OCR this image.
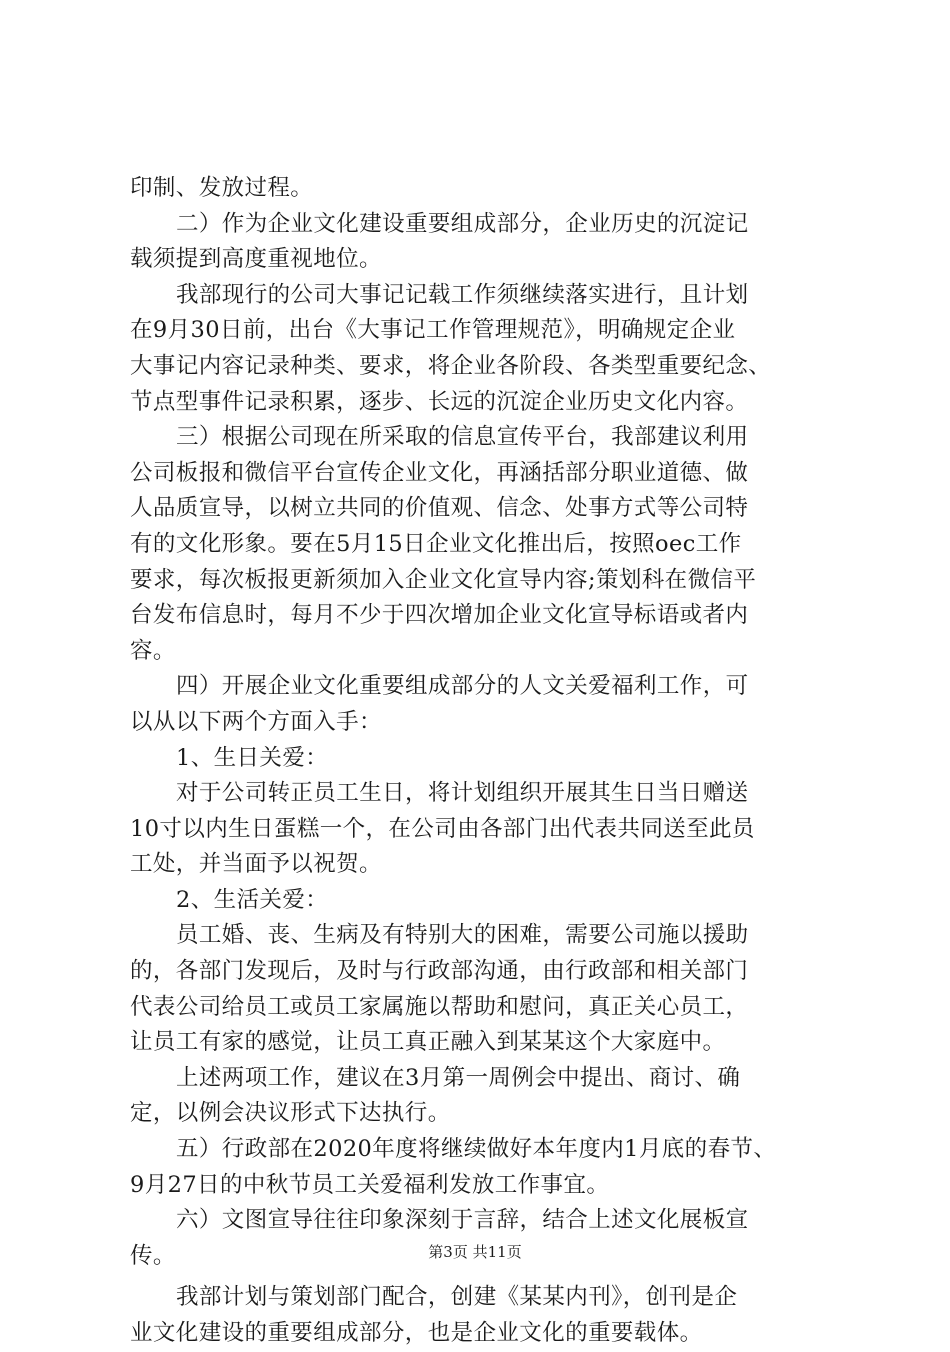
印制、发放过程。
二）作为企业文化建设重要组成部分，企业历史的沉淀记
载须提到高度重视地位。
我部现行的公司大事记记载工作须继续落实进行，且计划
在9月30日前，出台《大事记工作管理规范》，明确规定企业
大事记内容记录种类、要求，将企业各阶段、各类型重要纪念、
节点型事件记录积累，逐步、长远的沉淀企业历史文化内容。
三）根据公司现在所采取的信息宣传平台，我部建议利用
公司板报和微信平台宣传企业文化，再涵括部分职业道德、做
人品质宣导，以树立共同的价值观、信念、处事方式等公司特
有的文化形象。要在5月15日企业文化推出后，按照oec工作
要求，每次板报更新须加入企业文化宣导内容;策划科在微信平
台发布信息时，每月不少于四次增加企业文化宣导标语或者内
容。
四）开展企业文化重要组成部分的人文关爱福利工作，可
以从以下两个方面入手：
1、生日关爱：
对于公司转正员工生日，将计划组织开展其生日当日赠送
10寸以内生日蛋糕一个，在公司由各部门出代表共同送至此员
工处，并当面予以祝贺。
2、生活关爱：
员工婚、丧、生病及有特别大的困难，需要公司施以援助
的，各部门发现后，及时与行政部沟通，由行政部和相关部门
代表公司给员工或员工家属施以帮助和慰问，真正关心员工，
让员工有家的感觉，让员工真正融入到某某这个大家庭中。
上述两项工作，建议在3月第一周例会中提出、商讨、确
定，以例会决议形式下达执行。
五）行政部在2020年度将继续做好本年度内1月底的春节、
9月27日的中秋节员工关爱福利发放工作事宜。
六）文图宣导往往印象深刻于言辞，结合上述文化展板宣
传。
我部计划与策划部门配合，创建《某某内刊》，创刊是企
业文化建设的重要组成部分，也是企业文化的重要载体。
第3页 共11页
